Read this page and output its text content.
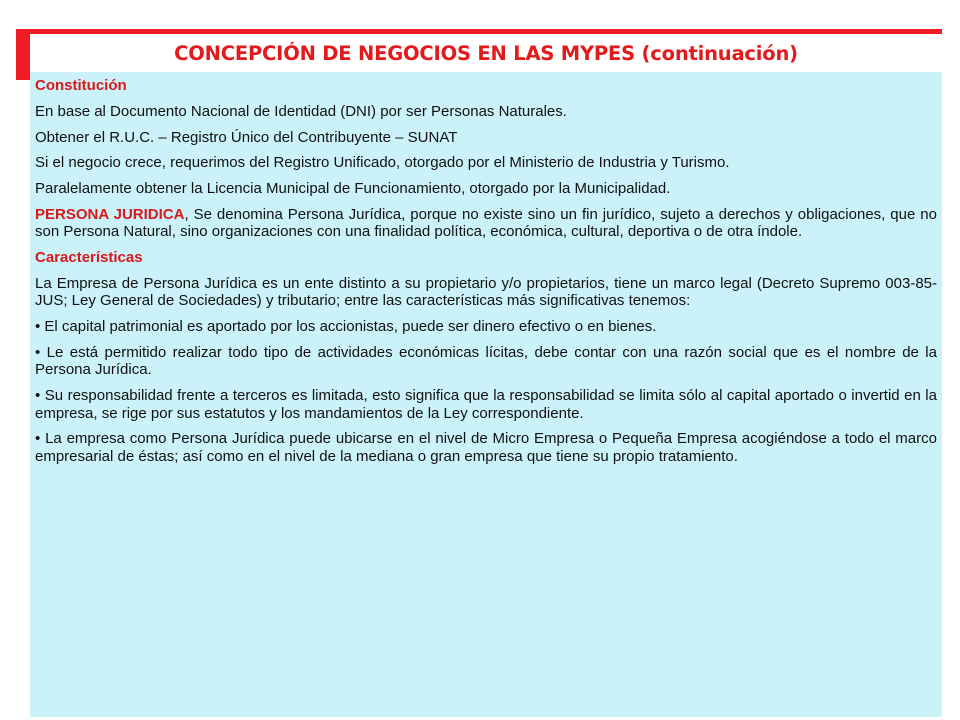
CONCEPCIÓN DE NEGOCIOS EN LAS MYPES (continuación)

Constitución

En base al Documento Nacional de Identidad (DNI) por ser Personas Naturales.

Obtener el R.U.C. – Registro Único del Contribuyente – SUNAT

Si el negocio crece, requerimos del Registro Unificado, otorgado por el Ministerio de Industria y Turismo.

Paralelamente obtener la Licencia Municipal de Funcionamiento, otorgado por la Municipalidad.

PERSONA JURIDICA, Se denomina Persona Jurídica, porque no existe sino un fin jurídico, sujeto a derechos y obligaciones, que no son Persona Natural, sino organizaciones con una finalidad política, económica, cultural, deportiva o de otra índole.

Características

La Empresa de Persona Jurídica es un ente distinto a su propietario y/o propietarios, tiene un marco legal (Decreto Supremo 003-85-JUS; Ley General de Sociedades) y tributario; entre las características más significativas tenemos:

• El capital patrimonial es aportado por los accionistas, puede ser dinero efectivo o en bienes.

• Le está permitido realizar todo tipo de actividades económicas lícitas, debe contar con una razón social que es el nombre de la Persona Jurídica.

• Su responsabilidad frente a terceros es limitada, esto significa que la responsabilidad se limita sólo al capital aportado o invertid en la empresa, se rige por sus estatutos y los mandamientos de la Ley correspondiente.

• La empresa como Persona Jurídica puede ubicarse en el nivel de Micro Empresa o Pequeña Empresa acogiéndose a todo el marco empresarial de éstas; así como en el nivel de la mediana o gran empresa que tiene su propio tratamiento.
